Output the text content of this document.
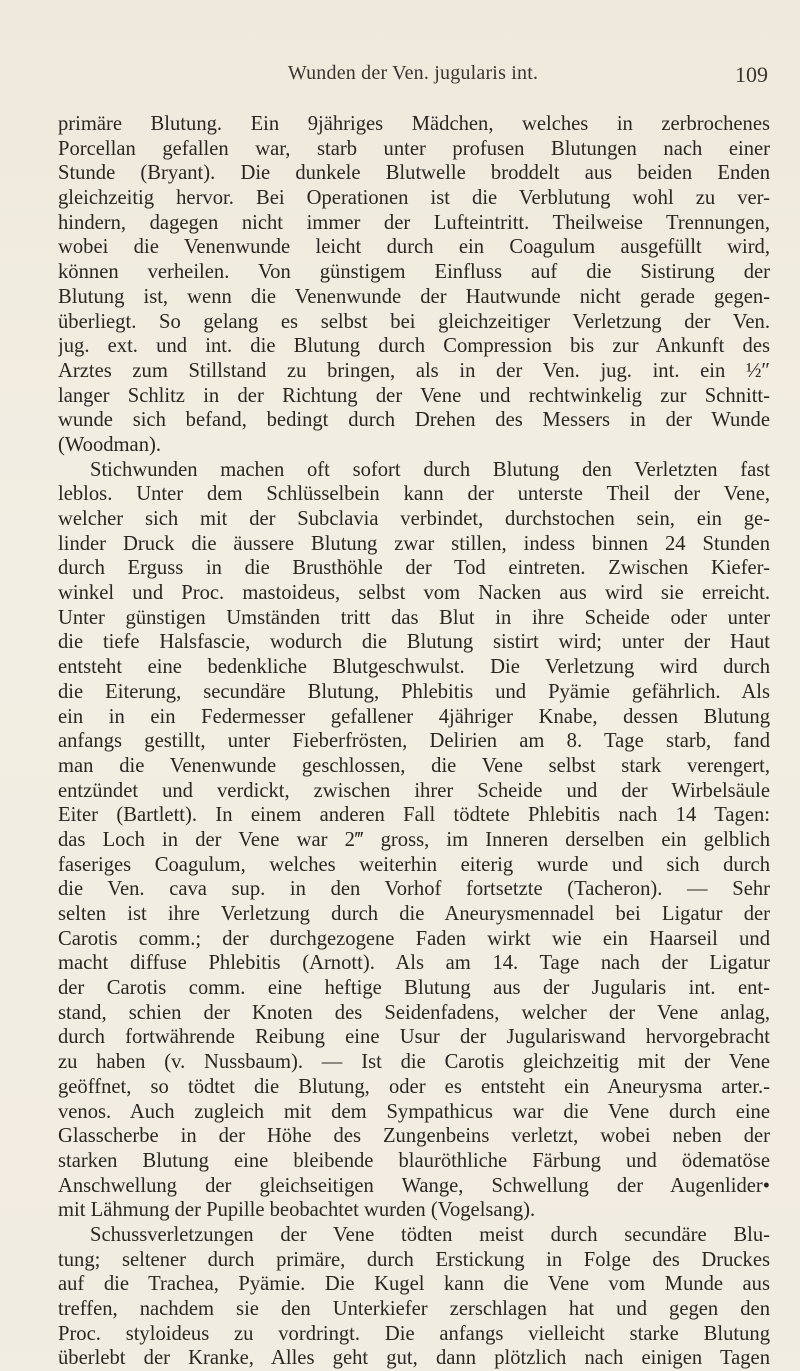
Wunden der Ven. jugularis int.	109
primäre Blutung. Ein 9jähriges Mädchen, welches in zerbrochenes
Porcellan gefallen war, starb unter profusen Blutungen nach einer
Stunde (Bryant). Die dunkele Blutwelle broddelt aus beiden Enden
gleichzeitig hervor. Bei Operationen ist die Verblutung wohl zu ver-
hindern, dagegen nicht immer der Lufteintritt. Theilweise Trennungen,
wobei die Venenwunde leicht durch ein Coagulum ausgefüllt wird,
können verheilen. Von günstigem Einfluss auf die Sistirung der
Blutung ist, wenn die Venenwunde der Hautwunde nicht gerade gegen-
überliegt. So gelang es selbst bei gleichzeitiger Verletzung der Ven.
jug. ext. und int. die Blutung durch Compression bis zur Ankunft des
Arztes zum Stillstand zu bringen, als in der Ven. jug. int. ein ½″
langer Schlitz in der Richtung der Vene und rechtwinkelig zur Schnitt-
wunde sich befand, bedingt durch Drehen des Messers in der Wunde
(Woodman).
Stichwunden machen oft sofort durch Blutung den Verletzten fast
leblos. Unter dem Schlüsselbein kann der unterste Theil der Vene,
welcher sich mit der Subclavia verbindet, durchstochen sein, ein ge-
linder Druck die äussere Blutung zwar stillen, indess binnen 24 Stunden
durch Erguss in die Brusthöhle der Tod eintreten. Zwischen Kiefer-
winkel und Proc. mastoideus, selbst vom Nacken aus wird sie erreicht.
Unter günstigen Umständen tritt das Blut in ihre Scheide oder unter
die tiefe Halsfascie, wodurch die Blutung sistirt wird; unter der Haut
entsteht eine bedenkliche Blutgeschwulst. Die Verletzung wird durch
die Eiterung, secundäre Blutung, Phlebitis und Pyämie gefährlich. Als
ein in ein Federmesser gefallener 4jähriger Knabe, dessen Blutung
anfangs gestillt, unter Fieberfrösten, Delirien am 8. Tage starb, fand
man die Venenwunde geschlossen, die Vene selbst stark verengert,
entzündet und verdickt, zwischen ihrer Scheide und der Wirbelsäule
Eiter (Bartlett). In einem anderen Fall tödtete Phlebitis nach 14 Tagen:
das Loch in der Vene war 2‴ gross, im Inneren derselben ein gelblich
faseriges Coagulum, welches weiterhin eiterig wurde und sich durch
die Ven. cava sup. in den Vorhof fortsetzte (Tacheron). — Sehr
selten ist ihre Verletzung durch die Aneurysmennadel bei Ligatur der
Carotis comm.; der durchgezogene Faden wirkt wie ein Haarseil und
macht diffuse Phlebitis (Arnott). Als am 14. Tage nach der Ligatur
der Carotis comm. eine heftige Blutung aus der Jugularis int. ent-
stand, schien der Knoten des Seidenfadens, welcher der Vene anlag,
durch fortwährende Reibung eine Usur der Jugulariswand hervorgebracht
zu haben (v. Nussbaum). — Ist die Carotis gleichzeitig mit der Vene
geöffnet, so tödtet die Blutung, oder es entsteht ein Aneurysma arter.-
venos. Auch zugleich mit dem Sympathicus war die Vene durch eine
Glasscherbe in der Höhe des Zungenbeins verletzt, wobei neben der
starken Blutung eine bleibende blauröthliche Färbung und ödematöse
Anschwellung der gleichseitigen Wange, Schwellung der Augenlider•
mit Lähmung der Pupille beobachtet wurden (Vogelsang).
Schussverletzungen der Vene tödten meist durch secundäre Blu-
tung; seltener durch primäre, durch Erstickung in Folge des Druckes
auf die Trachea, Pyämie. Die Kugel kann die Vene vom Munde aus
treffen, nachdem sie den Unterkiefer zerschlagen hat und gegen den
Proc. styloideus zu vordringt. Die anfangs vielleicht starke Blutung
überlebt der Kranke, Alles geht gut, dann plötzlich nach einigen Tagen
